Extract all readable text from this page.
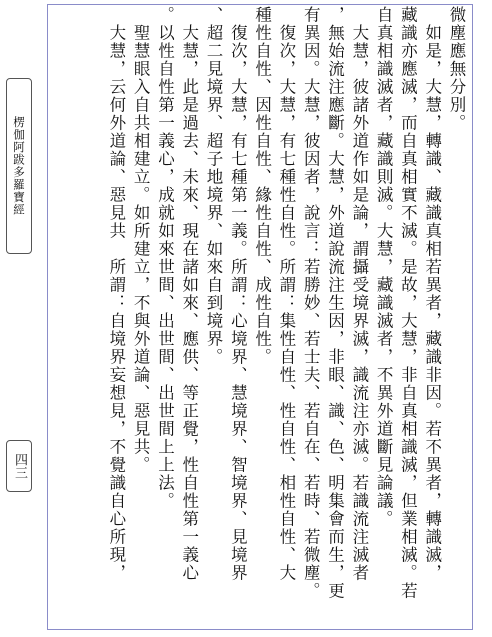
楞伽阿跋多羅寶經
四三
微塵應無分別。
　如是，大慧，轉識、藏識真相若異者，藏識非因。若不異者，轉識滅，
藏識亦應滅，而自真相實不滅。是故，大慧，非自真相識滅，但業相滅。若
自真相識滅者，藏識則滅。大慧，藏識滅者，不異外道斷見論議。
　大慧，彼諸外道作如是論，謂攝受境界滅，識流注亦滅。若識流注滅者
，無始流注應斷。大慧，外道說流注生因，非眼、識、色、明集會而生，更
有異因。大慧，彼因者，說言：若勝妙、若士夫、若自在、若時、若微塵。
　復次，大慧，有七種性自性。所謂：集性自性、性自性、相性自性、大
種性自性、因性自性、緣性自性、成性自性。
　復次，大慧，有七種第一義。所謂：心境界、慧境界、智境界、見境界
、超二見境界、超子地境界、如來自到境界。
　大慧，此是過去、未來、現在諸如來、應供、等正覺，性自性第一義心
。以性自性第一義心，成就如來世間、出世間、出世間上上法。
　聖慧眼入自共相建立。如所建立，不與外道論、惡見共。
　大慧，云何外道論、惡見共　所謂：自境界妄想見，不覺識自心所現，
